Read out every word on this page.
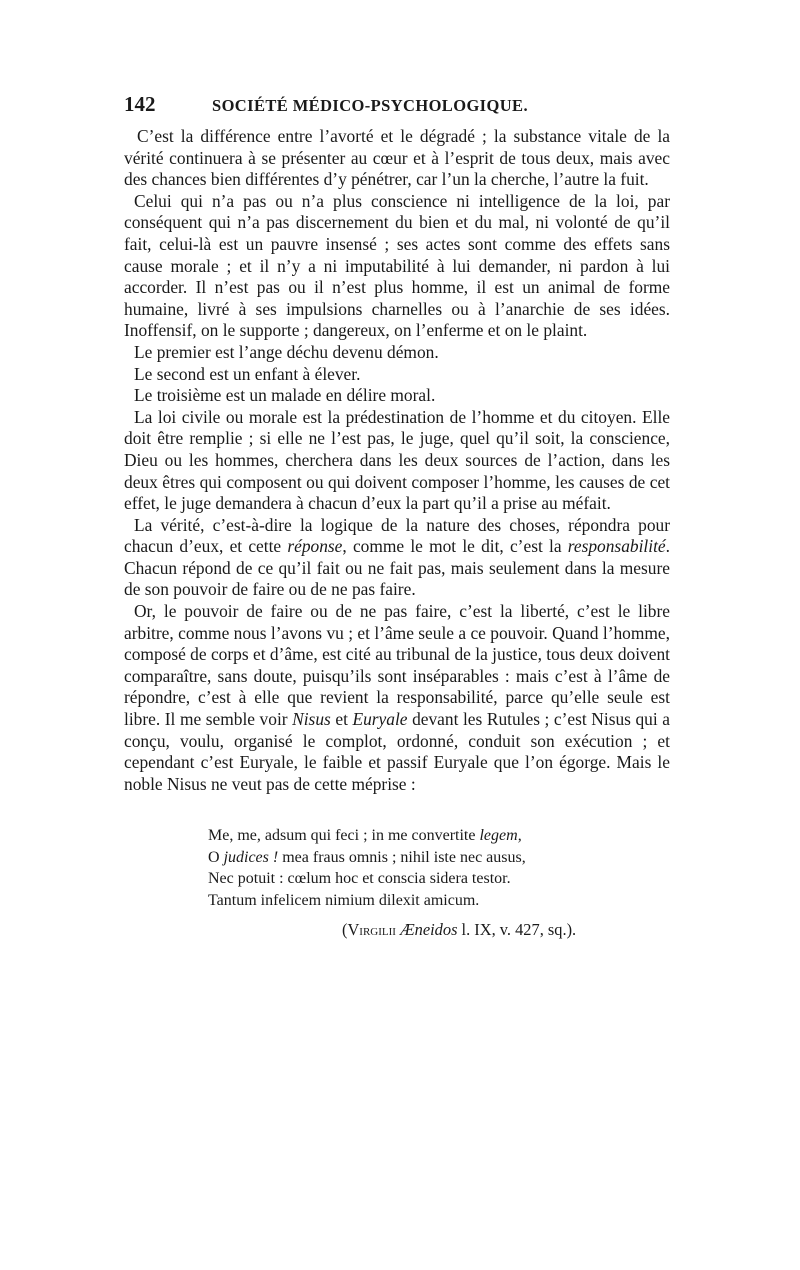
142	SOCIÉTÉ MÉDICO-PSYCHOLOGIQUE.

C’est la différence entre l’avorté et le dégradé ; la substance vitale de la vérité continuera à se présenter au cœur et à l’esprit de tous deux, mais avec des chances bien différentes d’y pénétrer, car l’un la cherche, l’autre la fuit.

Celui qui n’a pas ou n’a plus conscience ni intelligence de la loi, par conséquent qui n’a pas discernement du bien et du mal, ni volonté de qu’il fait, celui-là est un pauvre insensé ; ses actes sont comme des effets sans cause morale ; et il n’y a ni imputabilité à lui demander, ni pardon à lui accorder. Il n’est pas ou il n’est plus homme, il est un animal de forme humaine, livré à ses impulsions charnelles ou à l’anarchie de ses idées. Inoffensif, on le supporte ; dangereux, on l’enferme et on le plaint.

Le premier est l’ange déchu devenu démon.

Le second est un enfant à élever.

Le troisième est un malade en délire moral.

La loi civile ou morale est la prédestination de l’homme et du citoyen. Elle doit être remplie ; si elle ne l’est pas, le juge, quel qu’il soit, la conscience, Dieu ou les hommes, cherchera dans les deux sources de l’action, dans les deux êtres qui composent ou qui doivent composer l’homme, les causes de cet effet, le juge demandera à chacun d’eux la part qu’il a prise au méfait.

La vérité, c’est-à-dire la logique de la nature des choses, répondra pour chacun d’eux, et cette réponse, comme le mot le dit, c’est la responsabilité. Chacun répond de ce qu’il fait ou ne fait pas, mais seulement dans la mesure de son pouvoir de faire ou de ne pas faire.

Or, le pouvoir de faire ou de ne pas faire, c’est la liberté, c’est le libre arbitre, comme nous l’avons vu ; et l’âme seule a ce pouvoir. Quand l’homme, composé de corps et d’âme, est cité au tribunal de la justice, tous deux doivent comparaître, sans doute, puisqu’ils sont inséparables : mais c’est à l’âme de répondre, c’est à elle que revient la responsabilité, parce qu’elle seule est libre. Il me semble voir Nisus et Euryale devant les Rutules ; c’est Nisus qui a conçu, voulu, organisé le complot, ordonné, conduit son exécution ; et cependant c’est Euryale, le faible et passif Euryale que l’on égorge. Mais le noble Nisus ne veut pas de cette méprise :

Me, me, adsum qui feci ; in me convertite legem,
O judices ! mea fraus omnis ; nihil iste nec ausus,
Nec potuit : cœlum hoc et conscia sidera testor.
Tantum infelicem nimium dilexit amicum.
(Virgilii Æneidos l. IX, v. 427, sq.).
